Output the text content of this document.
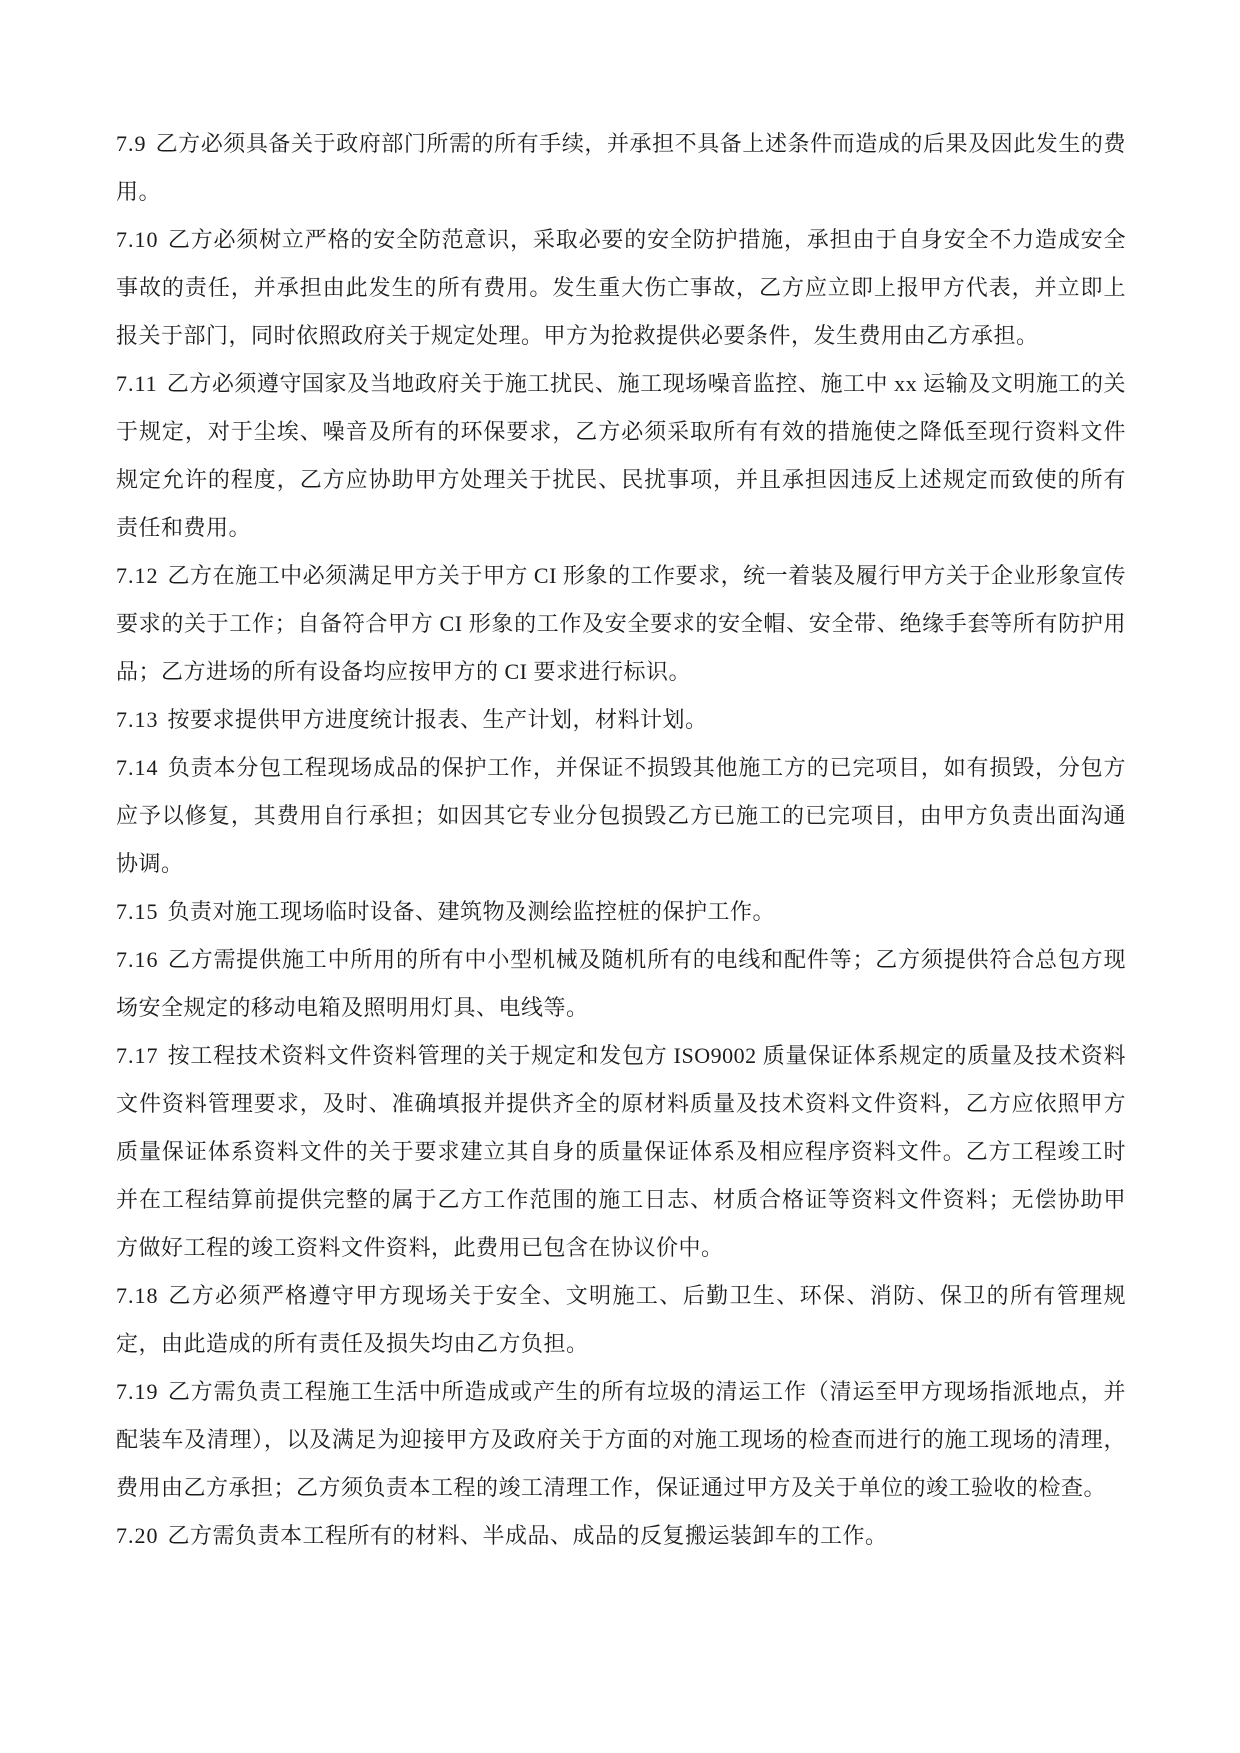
7.9 乙方必须具备关于政府部门所需的所有手续，并承担不具备上述条件而造成的后果及因此发生的费用。

7.10 乙方必须树立严格的安全防范意识，采取必要的安全防护措施，承担由于自身安全不力造成安全事故的责任，并承担由此发生的所有费用。发生重大伤亡事故，乙方应立即上报甲方代表，并立即上报关于部门，同时依照政府关于规定处理。甲方为抢救提供必要条件，发生费用由乙方承担。

7.11 乙方必须遵守国家及当地政府关于施工扰民、施工现场噪音监控、施工中 xx 运输及文明施工的关于规定，对于尘埃、噪音及所有的环保要求，乙方必须采取所有有效的措施使之降低至现行资料文件规定允许的程度，乙方应协助甲方处理关于扰民、民扰事项，并且承担因违反上述规定而致使的所有责任和费用。

7.12 乙方在施工中必须满足甲方关于甲方 CI 形象的工作要求，统一着装及履行甲方关于企业形象宣传要求的关于工作；自备符合甲方 CI 形象的工作及安全要求的安全帽、安全带、绝缘手套等所有防护用品；乙方进场的所有设备均应按甲方的 CI 要求进行标识。

7.13 按要求提供甲方进度统计报表、生产计划，材料计划。

7.14 负责本分包工程现场成品的保护工作，并保证不损毁其他施工方的已完项目，如有损毁，分包方应予以修复，其费用自行承担；如因其它专业分包损毁乙方已施工的已完项目，由甲方负责出面沟通协调。

7.15 负责对施工现场临时设备、建筑物及测绘监控桩的保护工作。

7.16 乙方需提供施工中所用的所有中小型机械及随机所有的电线和配件等；乙方须提供符合总包方现场安全规定的移动电箱及照明用灯具、电线等。

7.17 按工程技术资料文件资料管理的关于规定和发包方 ISO9002 质量保证体系规定的质量及技术资料文件资料管理要求，及时、准确填报并提供齐全的原材料质量及技术资料文件资料，乙方应依照甲方质量保证体系资料文件的关于要求建立其自身的质量保证体系及相应程序资料文件。乙方工程竣工时并在工程结算前提供完整的属于乙方工作范围的施工日志、材质合格证等资料文件资料；无偿协助甲方做好工程的竣工资料文件资料，此费用已包含在协议价中。

7.18 乙方必须严格遵守甲方现场关于安全、文明施工、后勤卫生、环保、消防、保卫的所有管理规定，由此造成的所有责任及损失均由乙方负担。

7.19 乙方需负责工程施工生活中所造成或产生的所有垃圾的清运工作（清运至甲方现场指派地点，并配装车及清理），以及满足为迎接甲方及政府关于方面的对施工现场的检查而进行的施工现场的清理，费用由乙方承担；乙方须负责本工程的竣工清理工作，保证通过甲方及关于单位的竣工验收的检查。

7.20 乙方需负责本工程所有的材料、半成品、成品的反复搬运装卸车的工作。
